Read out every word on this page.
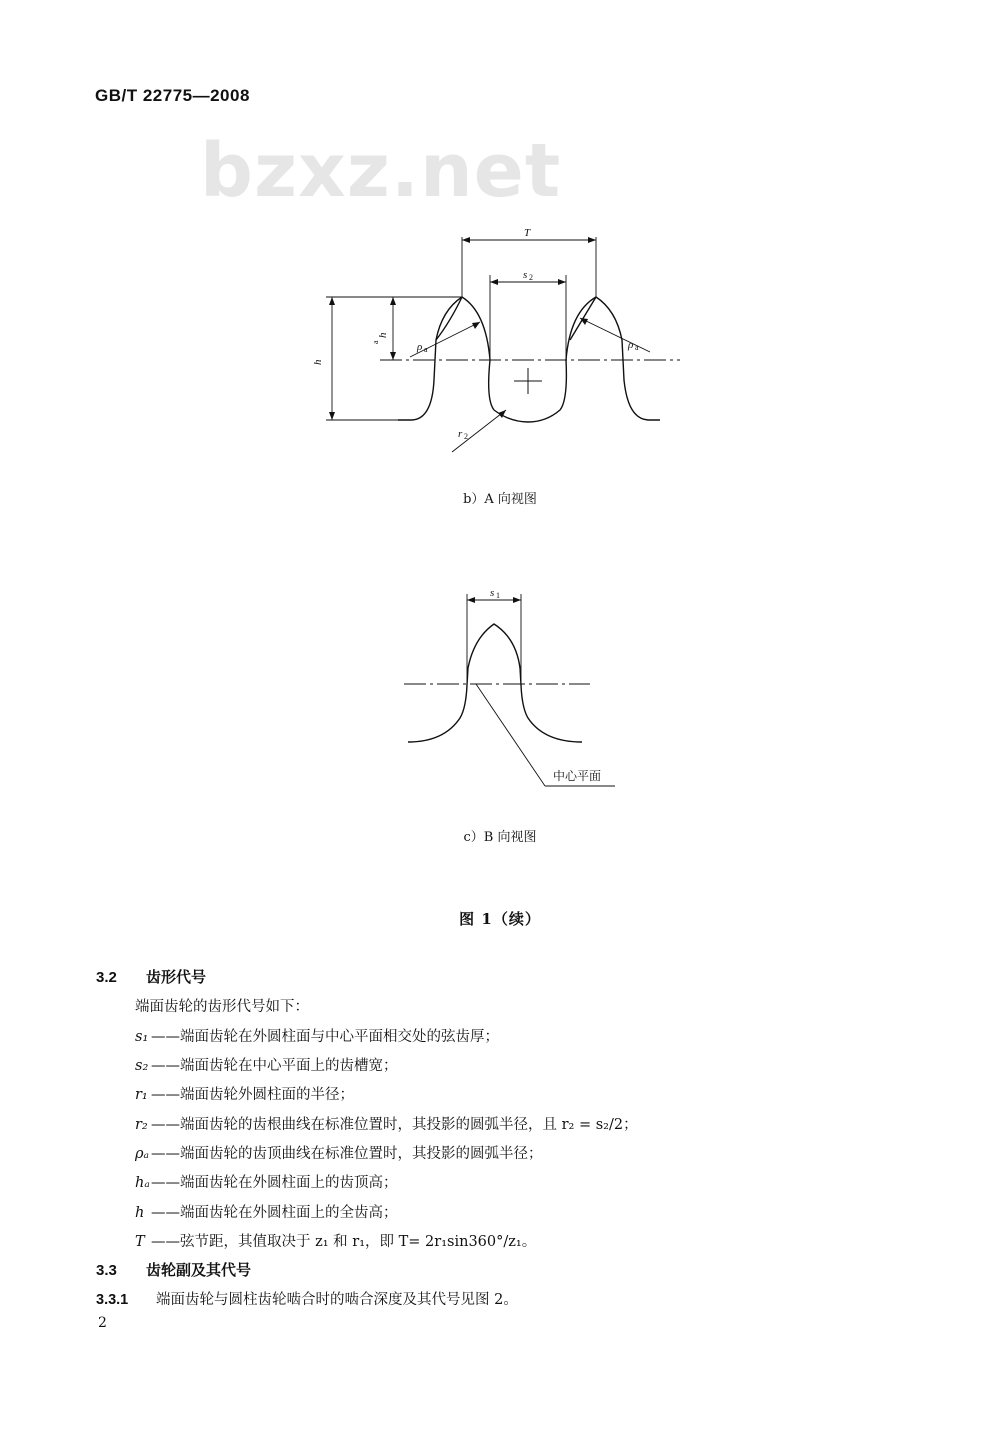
GB/T 22775—2008
bzxz.net
T
s 2
h
h
a	ρ a	ρ a
r 2
b）A 向视图
s 1
中心平面
c）B 向视图
图 1（续）
3.2 齿形代号
端面齿轮的齿形代号如下：
s₁ ——端面齿轮在外圆柱面与中心平面相交处的弦齿厚；
s₂ ——端面齿轮在中心平面上的齿槽宽；
r₁ ——端面齿轮外圆柱面的半径；
r₂ ——端面齿轮的齿根曲线在标准位置时，其投影的圆弧半径，且 r₂ = s₂/2；
ρₐ ——端面齿轮的齿顶曲线在标准位置时，其投影的圆弧半径；
hₐ——端面齿轮在外圆柱面上的齿顶高；
h ——端面齿轮在外圆柱面上的全齿高；
T ——弦节距，其值取决于 z₁ 和 r₁，即 T= 2r₁sin360°/z₁。
3.3 齿轮副及其代号
3.3.1 端面齿轮与圆柱齿轮啮合时的啮合深度及其代号见图 2。
2
